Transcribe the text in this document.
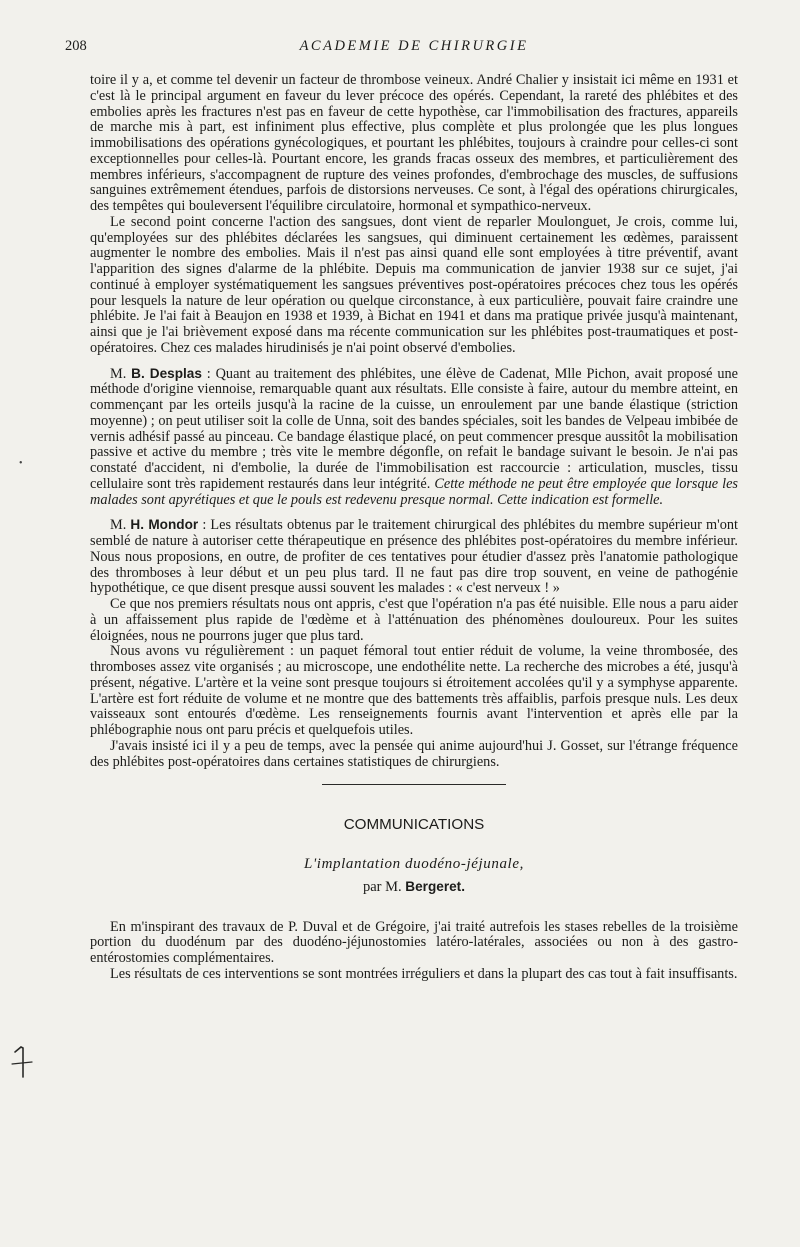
208	ACADEMIE DE CHIRURGIE

toire il y a, et comme tel devenir un facteur de thrombose veineux. André Chalier y insistait ici même en 1931 et c'est là le principal argument en faveur du lever précoce des opérés. Cependant, la rareté des phlébites et des embolies après les fractures n'est pas en faveur de cette hypothèse, car l'immobilisation des fractures, appareils de marche mis à part, est infiniment plus effective, plus complète et plus prolongée que les plus longues immobilisations des opérations gynécologiques, et pourtant les phlébites, toujours à craindre pour celles-ci sont exceptionnelles pour celles-là. Pourtant encore, les grands fracas osseux des membres, et particulièrement des membres inférieurs, s'accompagnent de rupture des veines profondes, d'embrochage des muscles, de suffusions sanguines extrêmement étendues, parfois de distorsions nerveuses. Ce sont, à l'égal des opérations chirurgicales, des tempêtes qui bouleversent l'équilibre circulatoire, hormonal et sympathico-nerveux.

Le second point concerne l'action des sangsues, dont vient de reparler Moulonguet, Je crois, comme lui, qu'employées sur des phlébites déclarées les sangsues, qui diminuent certainement les œdèmes, paraissent augmenter le nombre des embolies. Mais il n'est pas ainsi quand elle sont employées à titre préventif, avant l'apparition des signes d'alarme de la phlébite. Depuis ma communication de janvier 1938 sur ce sujet, j'ai continué à employer systématiquement les sangsues préventives post-opératoires précoces chez tous les opérés pour lesquels la nature de leur opération ou quelque circonstance, à eux particulière, pouvait faire craindre une phlébite. Je l'ai fait à Beaujon en 1938 et 1939, à Bichat en 1941 et dans ma pratique privée jusqu'à maintenant, ainsi que je l'ai brièvement exposé dans ma récente communication sur les phlébites post-traumatiques et post-opératoires. Chez ces malades hirudinisés je n'ai point observé d'embolies.

M. B. Desplas : Quant au traitement des phlébites, une élève de Cadenat, Mlle Pichon, avait proposé une méthode d'origine viennoise, remarquable quant aux résultats. Elle consiste à faire, autour du membre atteint, en commençant par les orteils jusqu'à la racine de la cuisse, un enroulement par une bande élastique (striction moyenne) ; on peut utiliser soit la colle de Unna, soit des bandes spéciales, soit les bandes de Velpeau imbibée de vernis adhésif passé au pinceau. Ce bandage élastique placé, on peut commencer presque aussitôt la mobilisation passive et active du membre ; très vite le membre dégonfle, on refait le bandage suivant le besoin. Je n'ai pas constaté d'accident, ni d'embolie, la durée de l'immobilisation est raccourcie : articulation, muscles, tissu cellulaire sont très rapidement restaurés dans leur intégrité. Cette méthode ne peut être employée que lorsque les malades sont apyrétiques et que le pouls est redevenu presque normal. Cette indication est formelle.

M. H. Mondor : Les résultats obtenus par le traitement chirurgical des phlébites du membre supérieur m'ont semblé de nature à autoriser cette thérapeutique en présence des phlébites post-opératoires du membre inférieur. Nous nous proposions, en outre, de profiter de ces tentatives pour étudier d'assez près l'anatomie pathologique des thromboses à leur début et un peu plus tard. Il ne faut pas dire trop souvent, en veine de pathogénie hypothétique, ce que disent presque aussi souvent les malades : « c'est nerveux ! »

Ce que nos premiers résultats nous ont appris, c'est que l'opération n'a pas été nuisible. Elle nous a paru aider à un affaissement plus rapide de l'œdème et à l'atténuation des phénomènes douloureux. Pour les suites éloignées, nous ne pourrons juger que plus tard.

Nous avons vu régulièrement : un paquet fémoral tout entier réduit de volume, la veine thrombosée, des thromboses assez vite organisés ; au microscope, une endothélite nette. La recherche des microbes a été, jusqu'à présent, négative. L'artère et la veine sont presque toujours si étroitement accolées qu'il y a symphyse apparente. L'artère est fort réduite de volume et ne montre que des battements très affaiblis, parfois presque nuls. Les deux vaisseaux sont entourés d'œdème. Les renseignements fournis avant l'intervention et après elle par la phlébographie nous ont paru précis et quelquefois utiles.

J'avais insisté ici il y a peu de temps, avec la pensée qui anime aujourd'hui J. Gosset, sur l'étrange fréquence des phlébites post-opératoires dans certaines statistiques de chirurgiens.

COMMUNICATIONS
L'implantation duodéno-jéjunale,
par M. Bergeret.

En m'inspirant des travaux de P. Duval et de Grégoire, j'ai traité autrefois les stases rebelles de la troisième portion du duodénum par des duodéno-jéjunostomies latéro-latérales, associées ou non à des gastro-entérostomies complémentaires.

Les résultats de ces interventions se sont montrées irréguliers et dans la plupart des cas tout à fait insuffisants.

•
